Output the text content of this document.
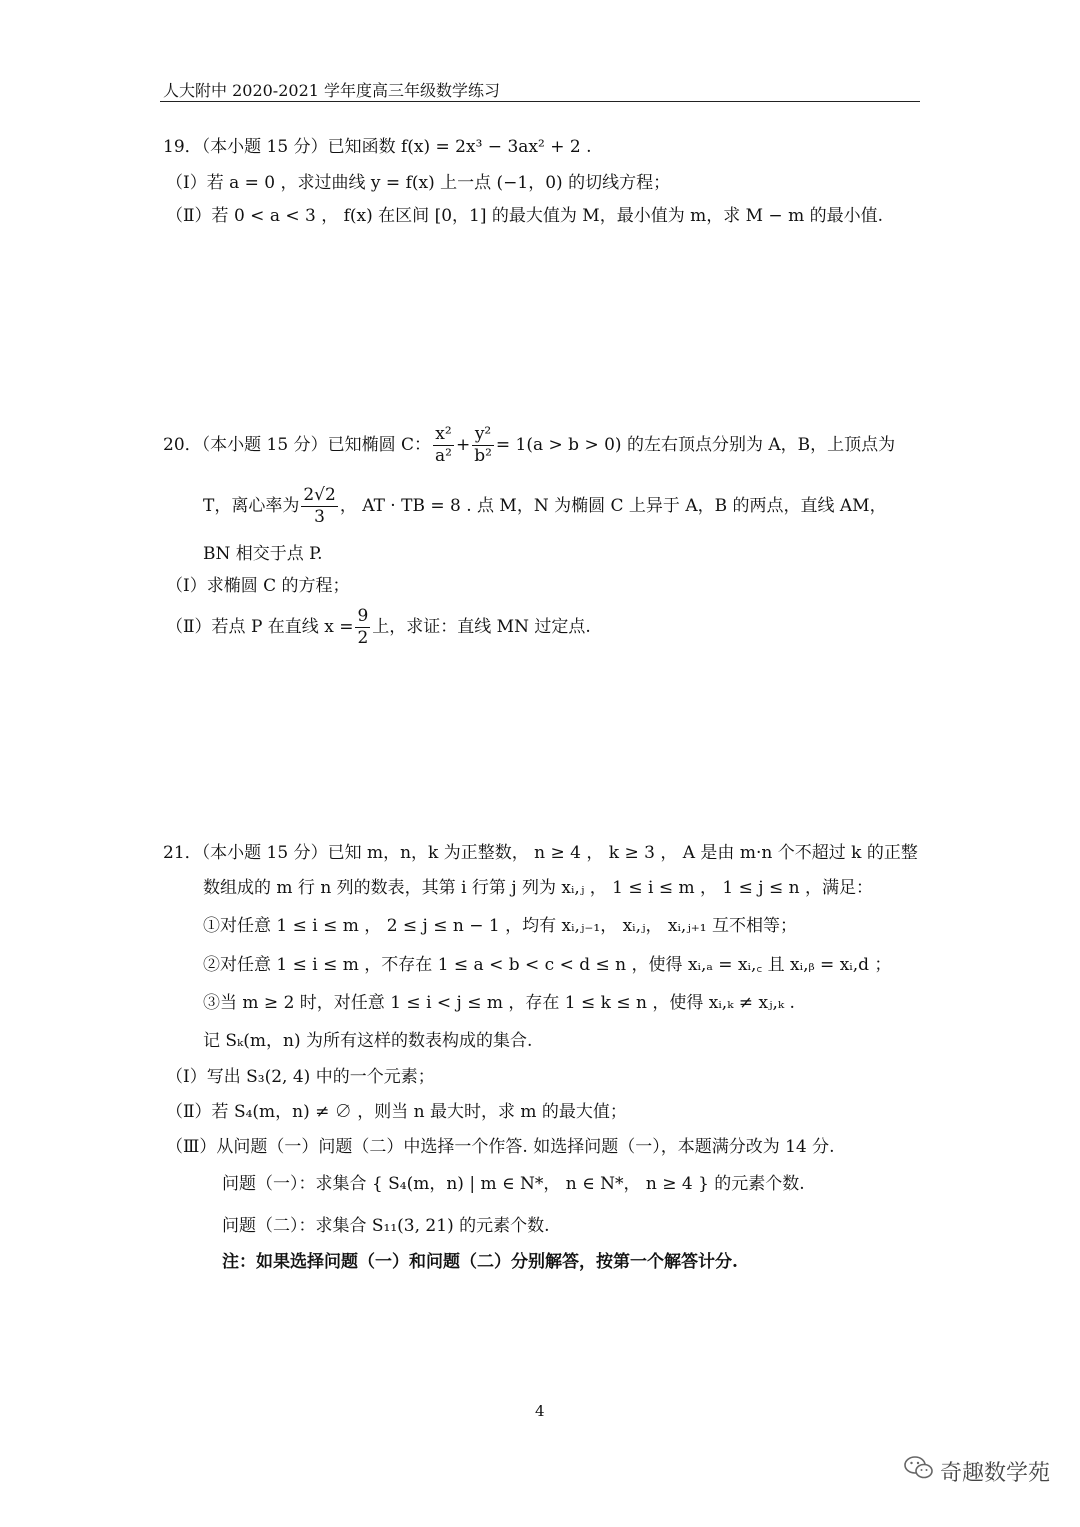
人大附中 2020-2021 学年度高三年级数学练习
19．（本小题 15 分）已知函数 f(x) = 2x³ − 3ax² + 2 .
（Ⅰ）若 a = 0 ，求过曲线 y = f(x) 上一点 (−1，0) 的切线方程；
（Ⅱ）若 0 < a < 3 ， f(x) 在区间 [0，1] 的最大值为 M，最小值为 m，求 M − m 的最小值.
20．（本小题 15 分）已知椭圆 C： $\frac{\text{x²}}{\text{a²}} + \frac{\text{y²}}{\text{b²}} = 1(a > b > 0)$ 的左右顶点分别为 A，B，上顶点为
T，离心率为 $\frac{2√2}{3}$ ， AT · TB = 8 . 点 M，N 为椭圆 C 上异于 A，B 的两点，直线 AM，
BN 相交于点 P.
（Ⅰ）求椭圆 C 的方程；
（Ⅱ）若点 P 在直线 $x = \frac{9}{2}$ 上，求证：直线 MN 过定点.
21．（本小题 15 分）已知 m，n，k 为正整数， n ≥ 4 ， k ≥ 3 ， A 是由 m·n 个不超过 k 的正整
数组成的 m 行 n 列的数表，其第 i 行第 j 列为 xᵢ,ⱼ ， 1 ≤ i ≤ m ， 1 ≤ j ≤ n ，满足：
①对任意 1 ≤ i ≤ m ， 2 ≤ j ≤ n − 1 ，均有 xᵢ,ⱼ₋₁， xᵢ,ⱼ， xᵢ,ⱼ₊₁ 互不相等；
②对任意 1 ≤ i ≤ m ，不存在 1 ≤ a < b < c < d ≤ n ，使得 xᵢ,ₐ = xᵢ,꜀ 且 xᵢ,ᵦ = xᵢ,d ；
③当 m ≥ 2 时，对任意 1 ≤ i < j ≤ m ，存在 1 ≤ k ≤ n ，使得 xᵢ,ₖ ≠ xⱼ,ₖ .
记 Sₖ(m，n) 为所有这样的数表构成的集合.
（Ⅰ）写出 S₃(2, 4) 中的一个元素；
（Ⅱ）若 S₄(m，n) ≠ ∅ ，则当 n 最大时，求 m 的最大值；
（Ⅲ）从问题（一）问题（二）中选择一个作答. 如选择问题（一），本题满分改为 14 分.
问题（一）：求集合 { S₄(m，n) | m ∈ N*， n ∈ N*， n ≥ 4 } 的元素个数.
问题（二）：求集合 S₁₁(3, 21) 的元素个数.
注：如果选择问题（一）和问题（二）分别解答，按第一个解答计分.
4
奇趣数学苑
